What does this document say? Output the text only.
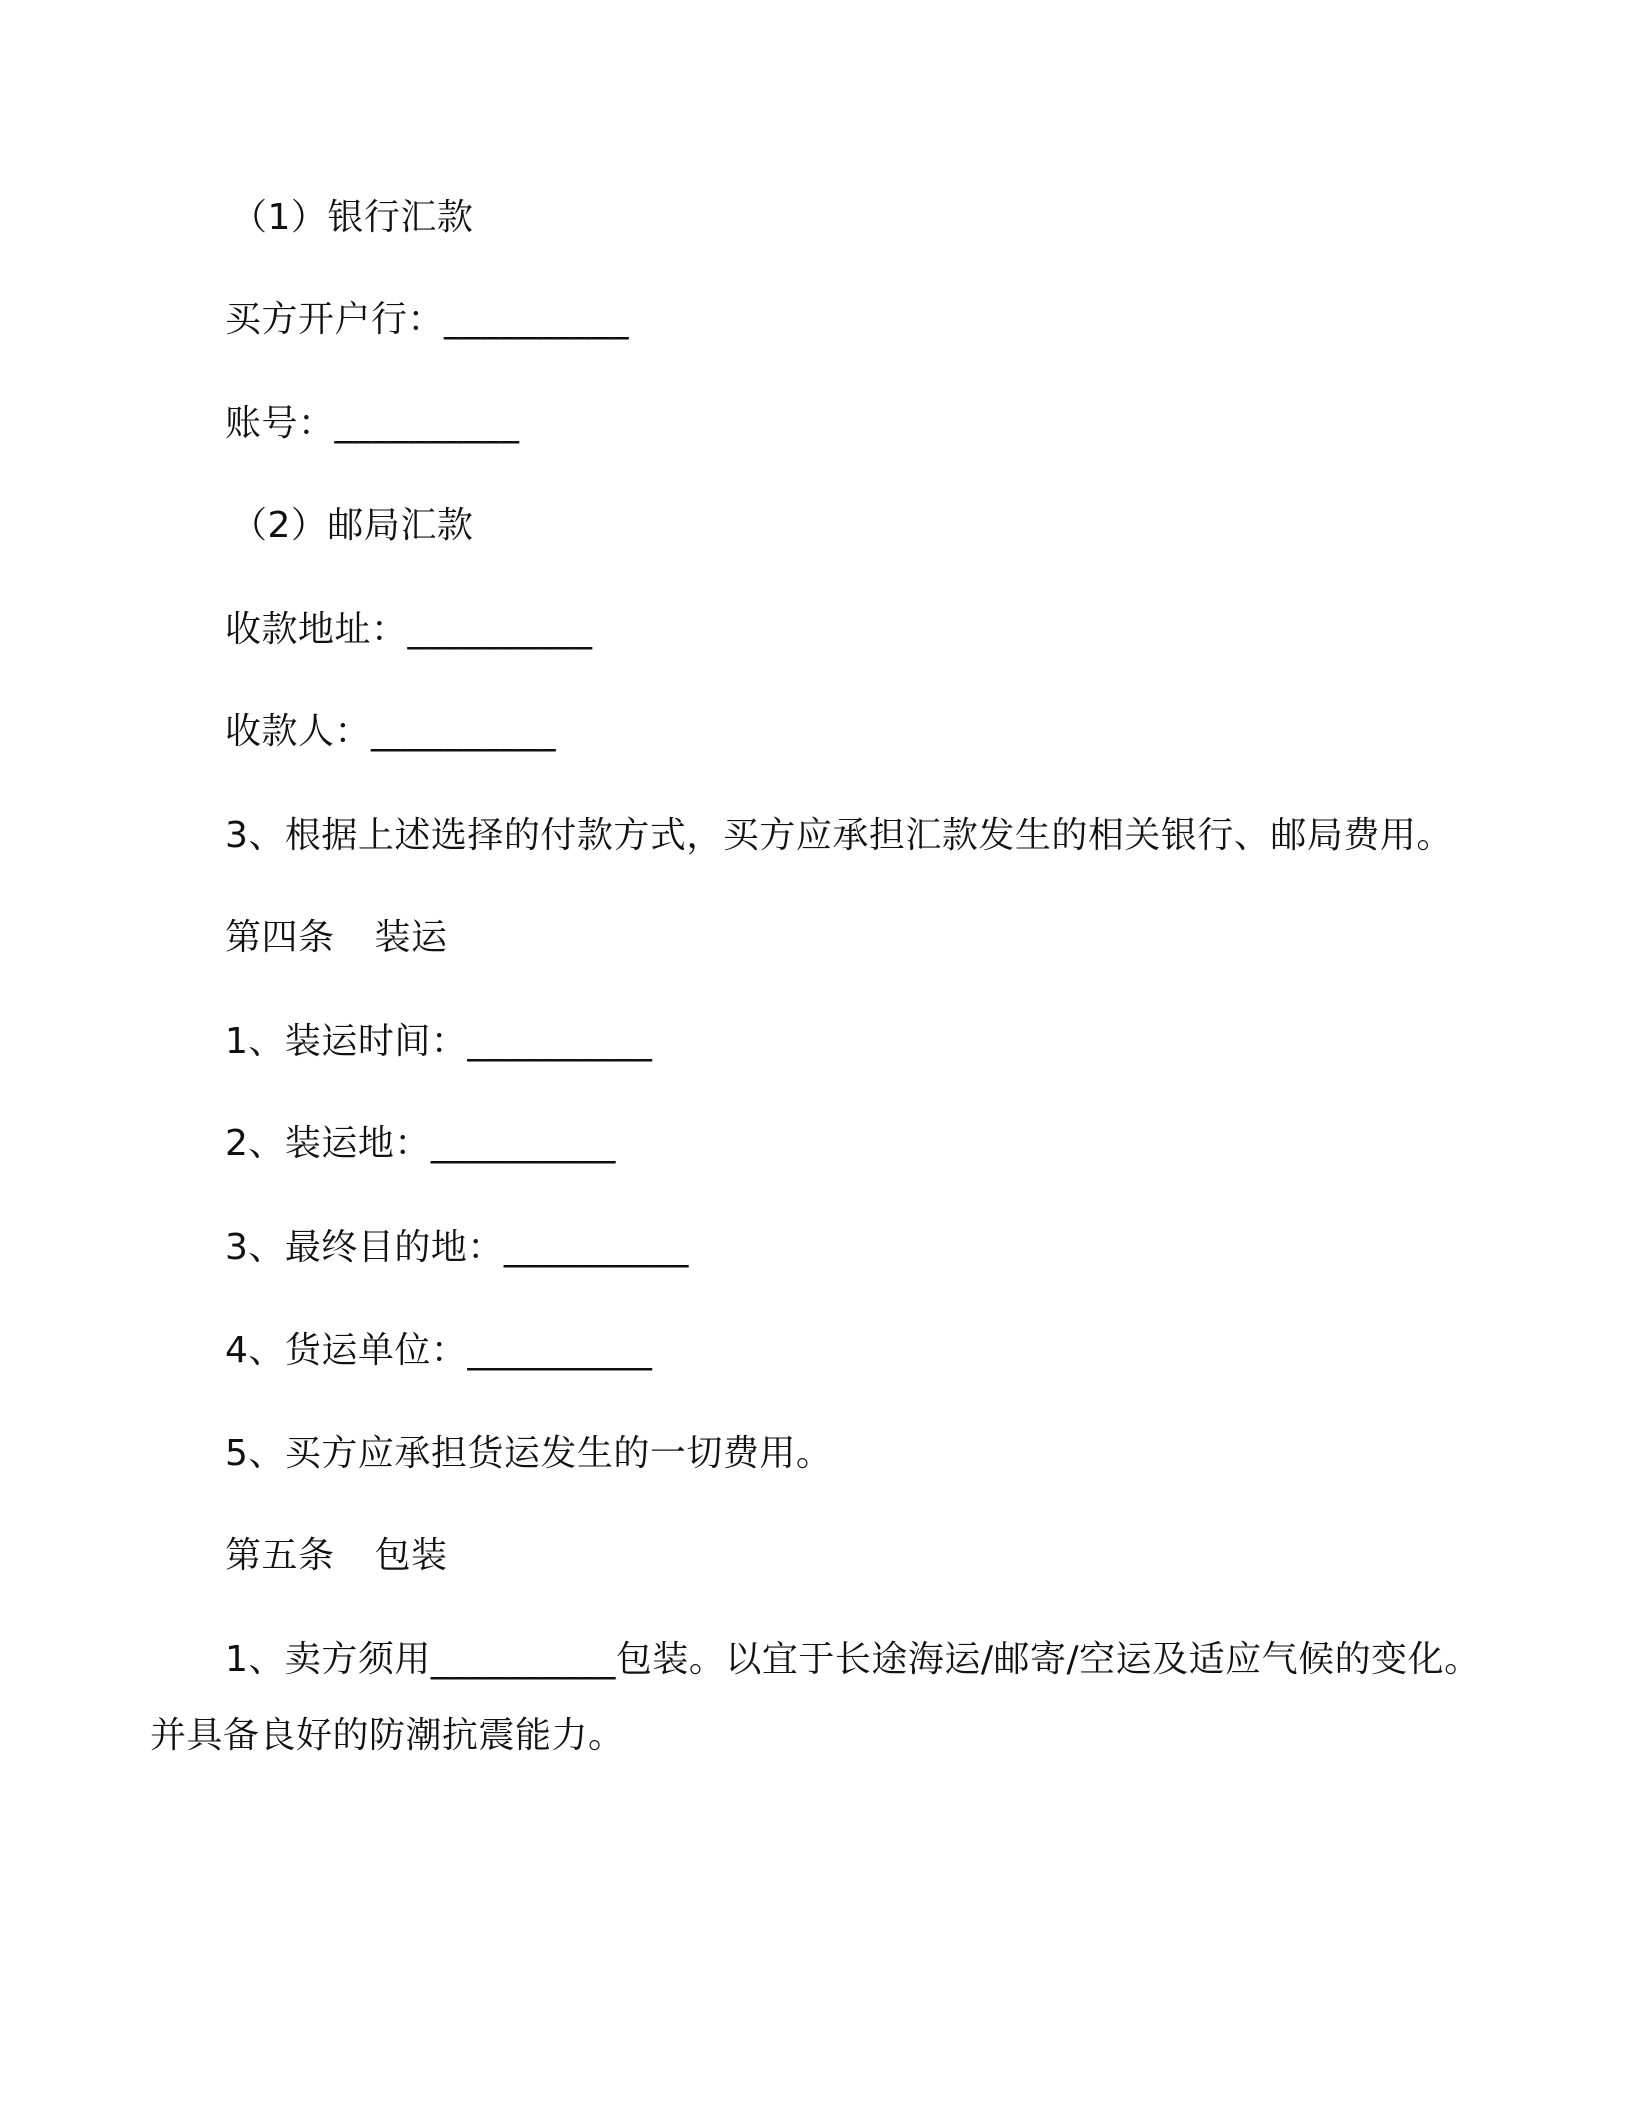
（1）银行汇款
买方开户行：__________
账号：__________
（2）邮局汇款
收款地址：__________
收款人：__________
3、根据上述选择的付款方式，买方应承担汇款发生的相关银行、邮局费用。
第四条 装运
1、装运时间：__________
2、装运地：__________
3、最终目的地：__________
4、货运单位：__________
5、买方应承担货运发生的一切费用。
第五条 包装
1、卖方须用__________包装。以宜于长途海运/邮寄/空运及适应气候的变化。
并具备良好的防潮抗震能力。
